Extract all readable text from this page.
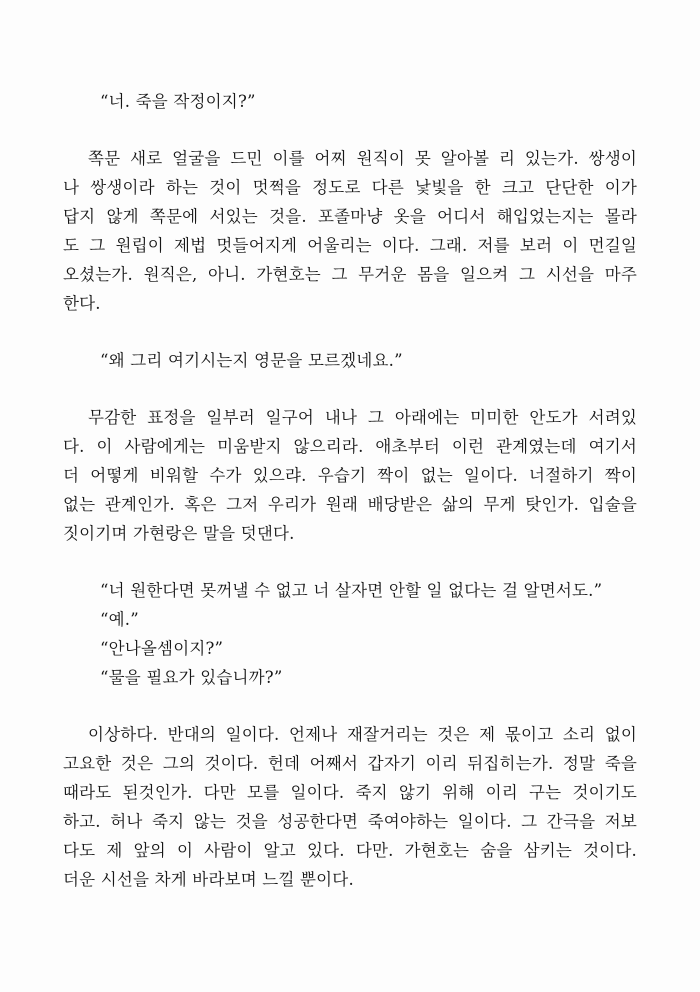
“너. 죽을 작정이지?”
쪽문 새로 얼굴을 드민 이를 어찌 원직이 못 알아볼 리 있는가. 쌍생이
나 쌍생이라 하는 것이 멋쩍을 정도로 다른 낯빛을 한 크고 단단한 이가
답지 않게 쪽문에 서있는 것을. 포졸마냥 옷을 어디서 해입었는지는 몰라
도 그 원립이 제법 멋들어지게 어울리는 이다. 그래. 저를 보러 이 먼길일
오셨는가. 원직은, 아니. 가현호는 그 무거운 몸을 일으켜 그 시선을 마주
한다.
“왜 그리 여기시는지 영문을 모르겠네요.”
무감한 표정을 일부러 일구어 내나 그 아래에는 미미한 안도가 서려있
다. 이 사람에게는 미움받지 않으리라. 애초부터 이런 관계였는데 여기서
더 어떻게 비워할 수가 있으랴. 우습기 짝이 없는 일이다. 너절하기 짝이
없는 관계인가. 혹은 그저 우리가 원래 배당받은 삶의 무게 탓인가. 입술을
짓이기며 가현랑은 말을 덧댄다.
“너 원한다면 못꺼낼 수 없고 너 살자면 안할 일 없다는 걸 알면서도.”
“예.”
“안나올셈이지?”
“물을 필요가 있습니까?”
이상하다. 반대의 일이다. 언제나 재잘거리는 것은 제 몫이고 소리 없이
고요한 것은 그의 것이다. 헌데 어째서 갑자기 이리 뒤집히는가. 정말 죽을
때라도 된것인가. 다만 모를 일이다. 죽지 않기 위해 이리 구는 것이기도
하고. 허나 죽지 않는 것을 성공한다면 죽여야하는 일이다. 그 간극을 저보
다도 제 앞의 이 사람이 알고 있다. 다만. 가현호는 숨을 삼키는 것이다.
더운 시선을 차게 바라보며 느낄 뿐이다.
